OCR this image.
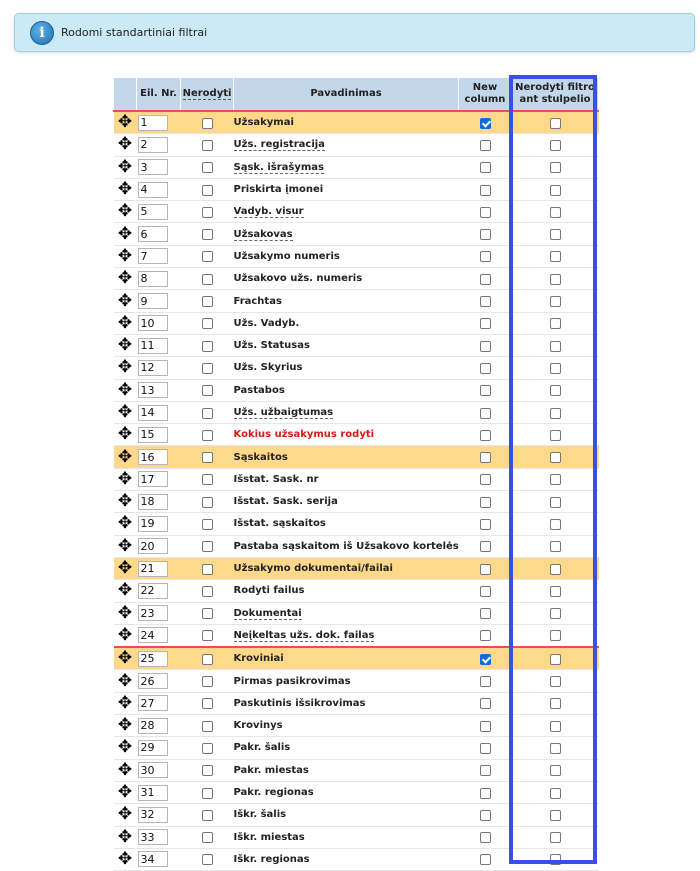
i	Rodomi standartiniai filtrai
	Eil. Nr.	Nerodyti	Pavadinimas	New column	Nerodyti filtro ant stulpelio
✥	1		Užsakymai		
✥	2		Užs. registracija		
✥	3		Sąsk. išrašymas		
✥	4		Priskirta įmonei		
✥	5		Vadyb. visur		
✥	6		Užsakovas		
✥	7		Užsakymo numeris		
✥	8		Užsakovo užs. numeris		
✥	9		Frachtas		
✥	10		Užs. Vadyb.		
✥	11		Užs. Statusas		
✥	12		Užs. Skyrius		
✥	13		Pastabos		
✥	14		Užs. užbaigtumas		
✥	15		Kokius užsakymus rodyti		
✥	16		Sąskaitos		
✥	17		Išstat. Sask. nr		
✥	18		Išstat. Sask. serija		
✥	19		Išstat. sąskaitos		
✥	20		Pastaba sąskaitom iš Užsakovo kortelės		
✥	21		Užsakymo dokumentai/failai		
✥	22		Rodyti failus		
✥	23		Dokumentai		
✥	24		Neįkeltas užs. dok. failas		
✥	25		Kroviniai		
✥	26		Pirmas pasikrovimas		
✥	27		Paskutinis išsikrovimas		
✥	28		Krovinys		
✥	29		Pakr. šalis		
✥	30		Pakr. miestas		
✥	31		Pakr. regionas		
✥	32		Iškr. šalis		
✥	33		Iškr. miestas		
✥	34		Iškr. regionas		
